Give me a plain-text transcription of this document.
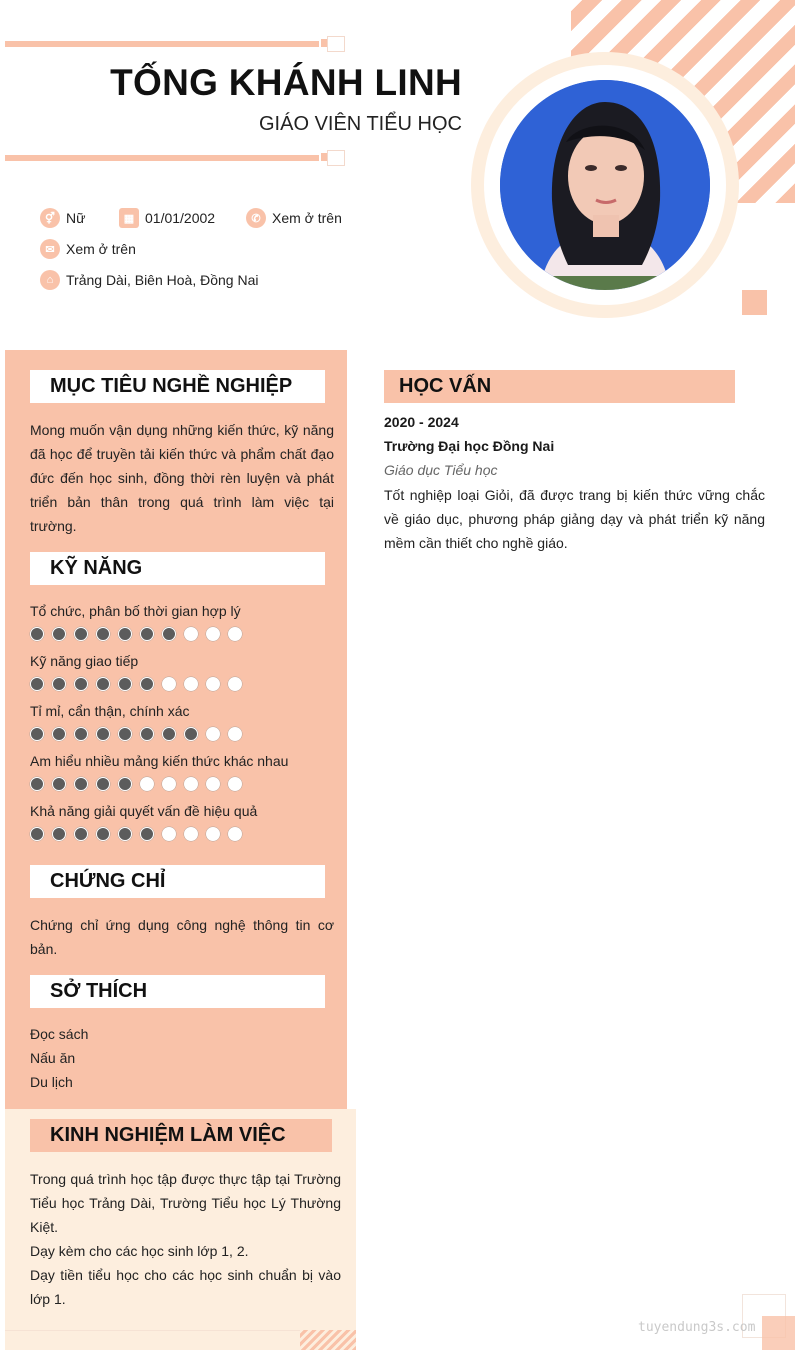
TỐNG KHÁNH LINH
GIÁO VIÊN TIỂU HỌC
⚥ Nữ	▦ 01/01/2002	✆ Xem ở trên
✉ Xem ở trên
⌂ Trảng Dài, Biên Hoà, Đồng Nai
MỤC TIÊU NGHỀ NGHIỆP
Mong muốn vận dụng những kiến thức, kỹ năng đã học để truyền tải kiến thức và phẩm chất đạo đức đến học sinh, đồng thời rèn luyện và phát triển bản thân trong quá trình làm việc tại trường.
KỸ NĂNG
Tổ chức, phân bố thời gian hợp lý
Kỹ năng giao tiếp
Tỉ mỉ, cẩn thận, chính xác
Am hiểu nhiều mảng kiến thức khác nhau
Khả năng giải quyết vấn đề hiệu quả
CHỨNG CHỈ
Chứng chỉ ứng dụng công nghệ thông tin cơ bản.
SỞ THÍCH
Đọc sách
Nấu ăn
Du lịch
KINH NGHIỆM LÀM VIỆC
Trong quá trình học tập được thực tập tại Trường Tiểu học Trảng Dài, Trường Tiểu học Lý Thường Kiệt.
Dạy kèm cho các học sinh lớp 1, 2.
Dạy tiền tiểu học cho các học sinh chuẩn bị vào lớp 1.
HỌC VẤN
2020 - 2024
Trường Đại học Đồng Nai
Giáo dục Tiểu học
Tốt nghiệp loại Giỏi, đã được trang bị kiến thức vững chắc về giáo dục, phương pháp giảng dạy và phát triển kỹ năng mềm cần thiết cho nghề giáo.
tuyendung3s.com
